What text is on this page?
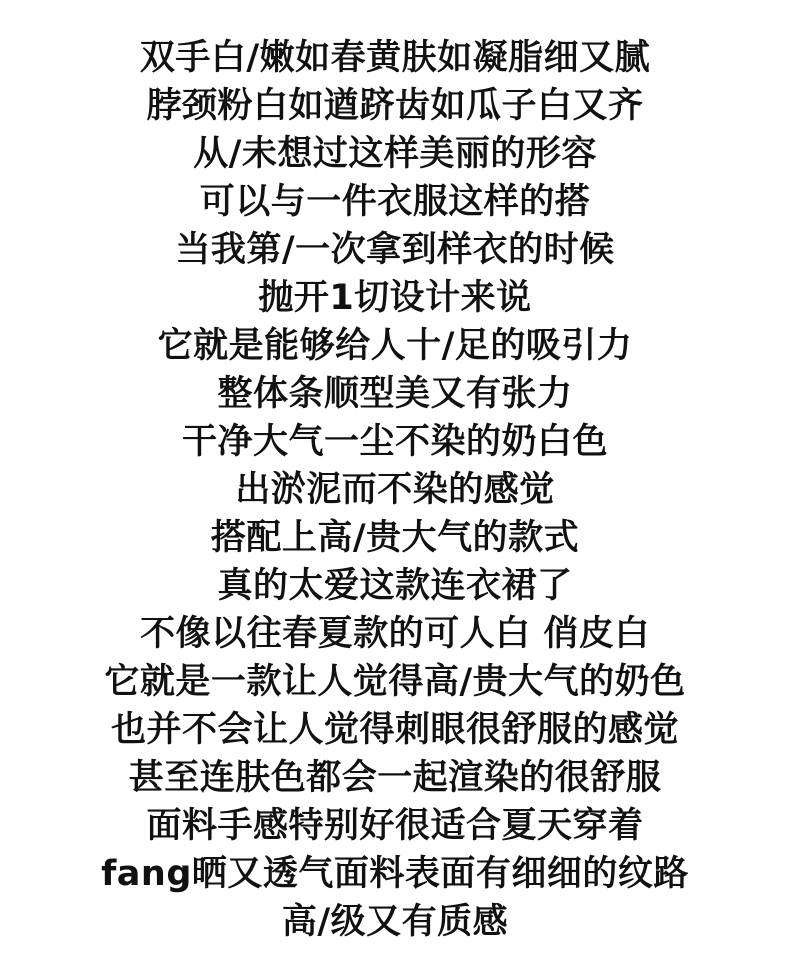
双手白/嫩如春黄肤如凝脂细又腻
脖颈粉白如遒跻齿如瓜子白又齐
从/未想过这样美丽的形容
可以与一件衣服这样的搭
当我第/一次拿到样衣的时候
抛开1切设计来说
它就是能够给人十/足的吸引力
整体条顺型美又有张力
干净大气一尘不染的奶白色
出淤泥而不染的感觉
搭配上高/贵大气的款式
真的太爱这款连衣裙了
不像以往春夏款的可人白 俏皮白
它就是一款让人觉得高/贵大气的奶色
也并不会让人觉得刺眼很舒服的感觉
甚至连肤色都会一起渲染的很舒服
面料手感特别好很适合夏天穿着
fang晒又透气面料表面有细细的纹路
高/级又有质感
